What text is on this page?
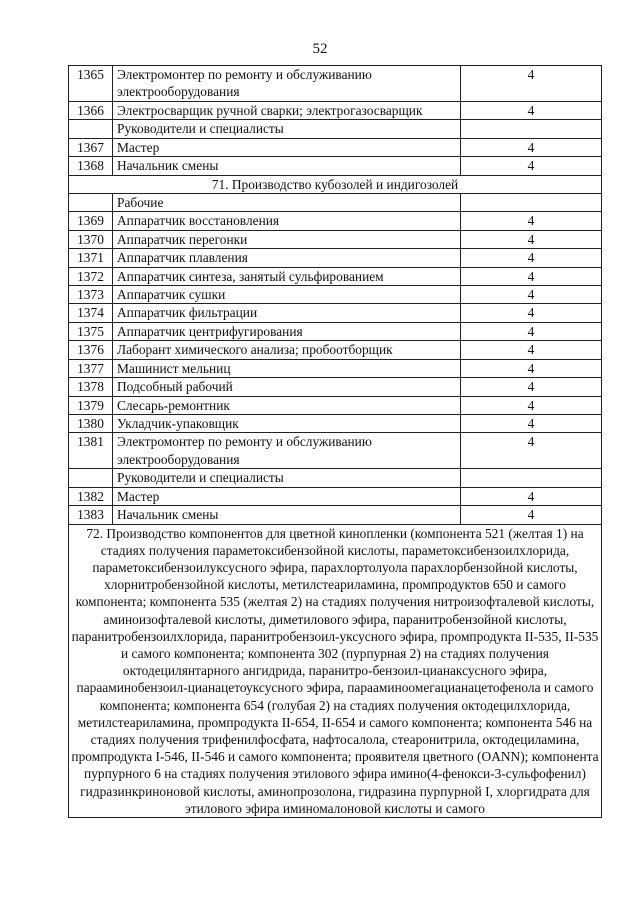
52
1365	Электромонтер по ремонту и обслуживанию электрооборудования	4
1366	Электросварщик ручной сварки; электрогазосварщик	4
	Руководители и специалисты	
1367	Мастер	4
1368	Начальник смены	4
71. Производство кубозолей и индигозолей		
	Рабочие	
1369	Аппаратчик восстановления	4
1370	Аппаратчик перегонки	4
1371	Аппаратчик плавления	4
1372	Аппаратчик синтеза, занятый сульфированием	4
1373	Аппаратчик сушки	4
1374	Аппаратчик фильтрации	4
1375	Аппаратчик центрифугирования	4
1376	Лаборант химического анализа; пробоотборщик	4
1377	Машинист мельниц	4
1378	Подсобный рабочий	4
1379	Слесарь-ремонтник	4
1380	Укладчик-упаковщик	4
1381	Электромонтер по ремонту и обслуживанию электрооборудования	4
	Руководители и специалисты	
1382	Мастер	4
1383	Начальник смены	4
72. Производство компонентов для цветной кинопленки (компонента 521 (желтая 1) на стадиях получения параметоксибензойной кислоты, параметоксибензоилхлорида, параметоксибензоилуксусного эфира, парахлортолуола парахлорбензойной кислоты, хлорнитробензойной кислоты, метилстеариламина, промпродуктов 650 и самого компонента; компонента 535 (желтая 2) на стадиях получения нитроизофталевой кислоты, аминоизофталевой кислоты, диметилового эфира, паранитробензойной кислоты, паранитробензоилхлорида, паранитробензоил-уксусного эфира, промпродукта II-535, II-535 и самого компонента; компонента 302 (пурпурная 2) на стадиях получения октодецилянтарного ангидрида, паранитро-бензоил-цианаксусного эфира, парааминобензоил-цианацетоуксусного эфира, парааминоомегацианацетофенола и самого компонента; компонента 654 (голубая 2) на стадиях получения октодецилхлорида, метилстеариламина, промпродукта II-654, II-654 и самого компонента; компонента 546 на стадиях получения трифенилфосфата, нафтосалола, стеаронитрила, октодециламина, промпродукта I-546, II-546 и самого компонента; проявителя цветного (OANN); компонента пурпурного 6 на стадиях получения этилового эфира имино(4-фенокси-3-сульфофенил) гидразинкриноновой кислоты, аминопрозолона, гидразина пурпурной I, хлоргидрата для этилового эфира иминомалоновой кислоты и самого		
